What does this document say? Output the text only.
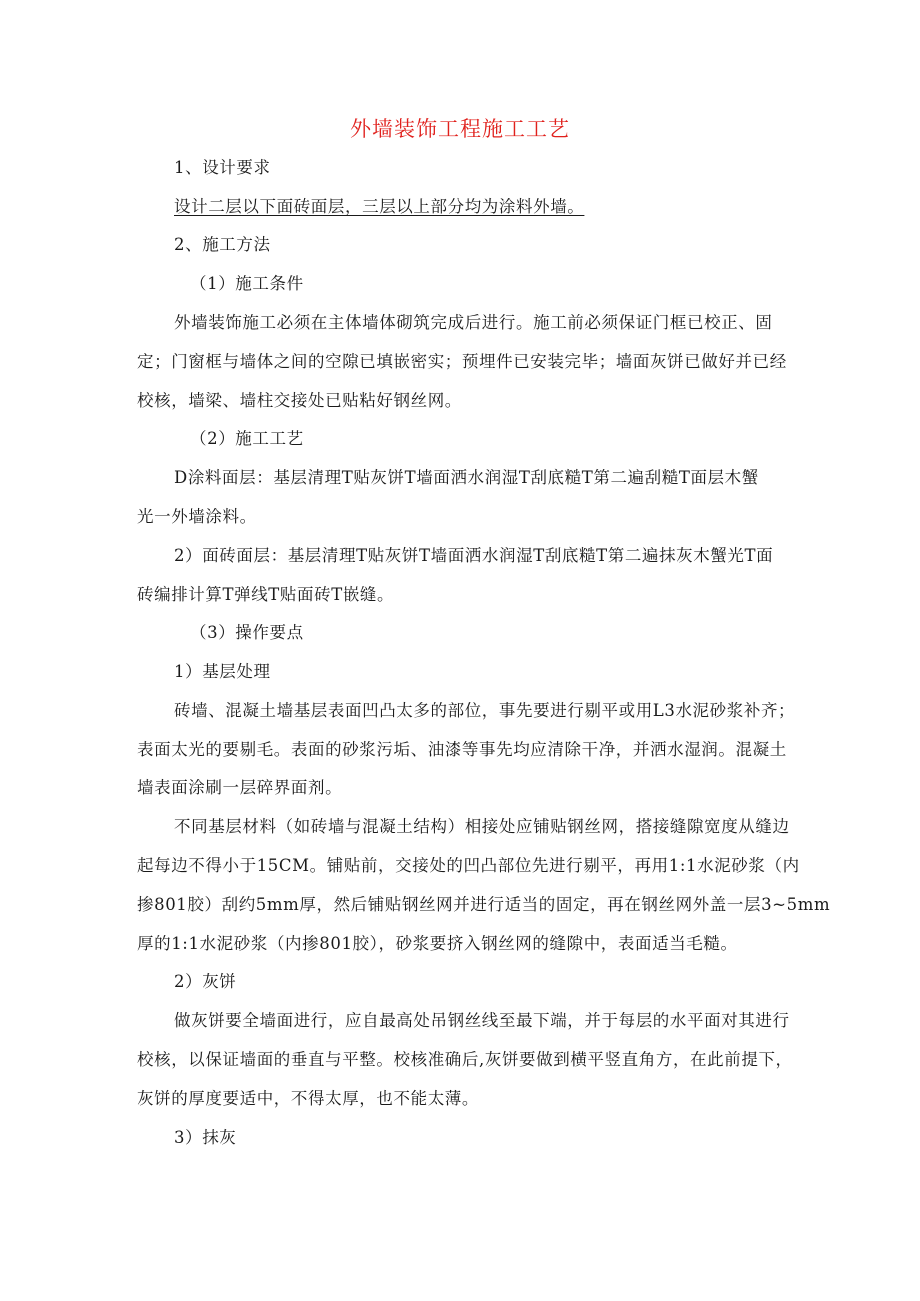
外墙装饰工程施工工艺
1、设计要求
设计二层以下面砖面层，三层以上部分均为涂料外墙。
2、施工方法
（1）施工条件
外墙装饰施工必须在主体墙体砌筑完成后进行。施工前必须保证门框已校正、固
定；门窗框与墙体之间的空隙已填嵌密实；预埋件已安装完毕；墙面灰饼已做好并已经
校核，墙梁、墙柱交接处已贴粘好钢丝网。
（2）施工工艺
D涂料面层：基层清理T贴灰饼T墙面洒水润湿T刮底糙T第二遍刮糙T面层木蟹
光一外墙涂料。
2）面砖面层：基层清理T贴灰饼T墙面洒水润湿T刮底糙T第二遍抹灰木蟹光T面
砖编排计算T弹线T贴面砖T嵌缝。
（3）操作要点
1）基层处理
砖墙、混凝土墙基层表面凹凸太多的部位，事先要进行剔平或用L3水泥砂浆补齐；
表面太光的要剔毛。表面的砂浆污垢、油漆等事先均应清除干净，并洒水湿润。混凝土
墙表面涂刷一层碎界面剂。
不同基层材料（如砖墙与混凝土结构）相接处应铺贴钢丝网，搭接缝隙宽度从缝边
起每边不得小于15CM。铺贴前，交接处的凹凸部位先进行剔平，再用1:1水泥砂浆（内
掺801胶）刮约5mm厚，然后铺贴钢丝网并进行适当的固定，再在钢丝网外盖一层3~5mm
厚的1:1水泥砂浆（内掺801胶），砂浆要挤入钢丝网的缝隙中，表面适当毛糙。
2）灰饼
做灰饼要全墙面进行，应自最高处吊钢丝线至最下端，并于每层的水平面对其进行
校核，以保证墙面的垂直与平整。校核准确后,灰饼要做到横平竖直角方，在此前提下，
灰饼的厚度要适中，不得太厚，也不能太薄。
3）抹灰
